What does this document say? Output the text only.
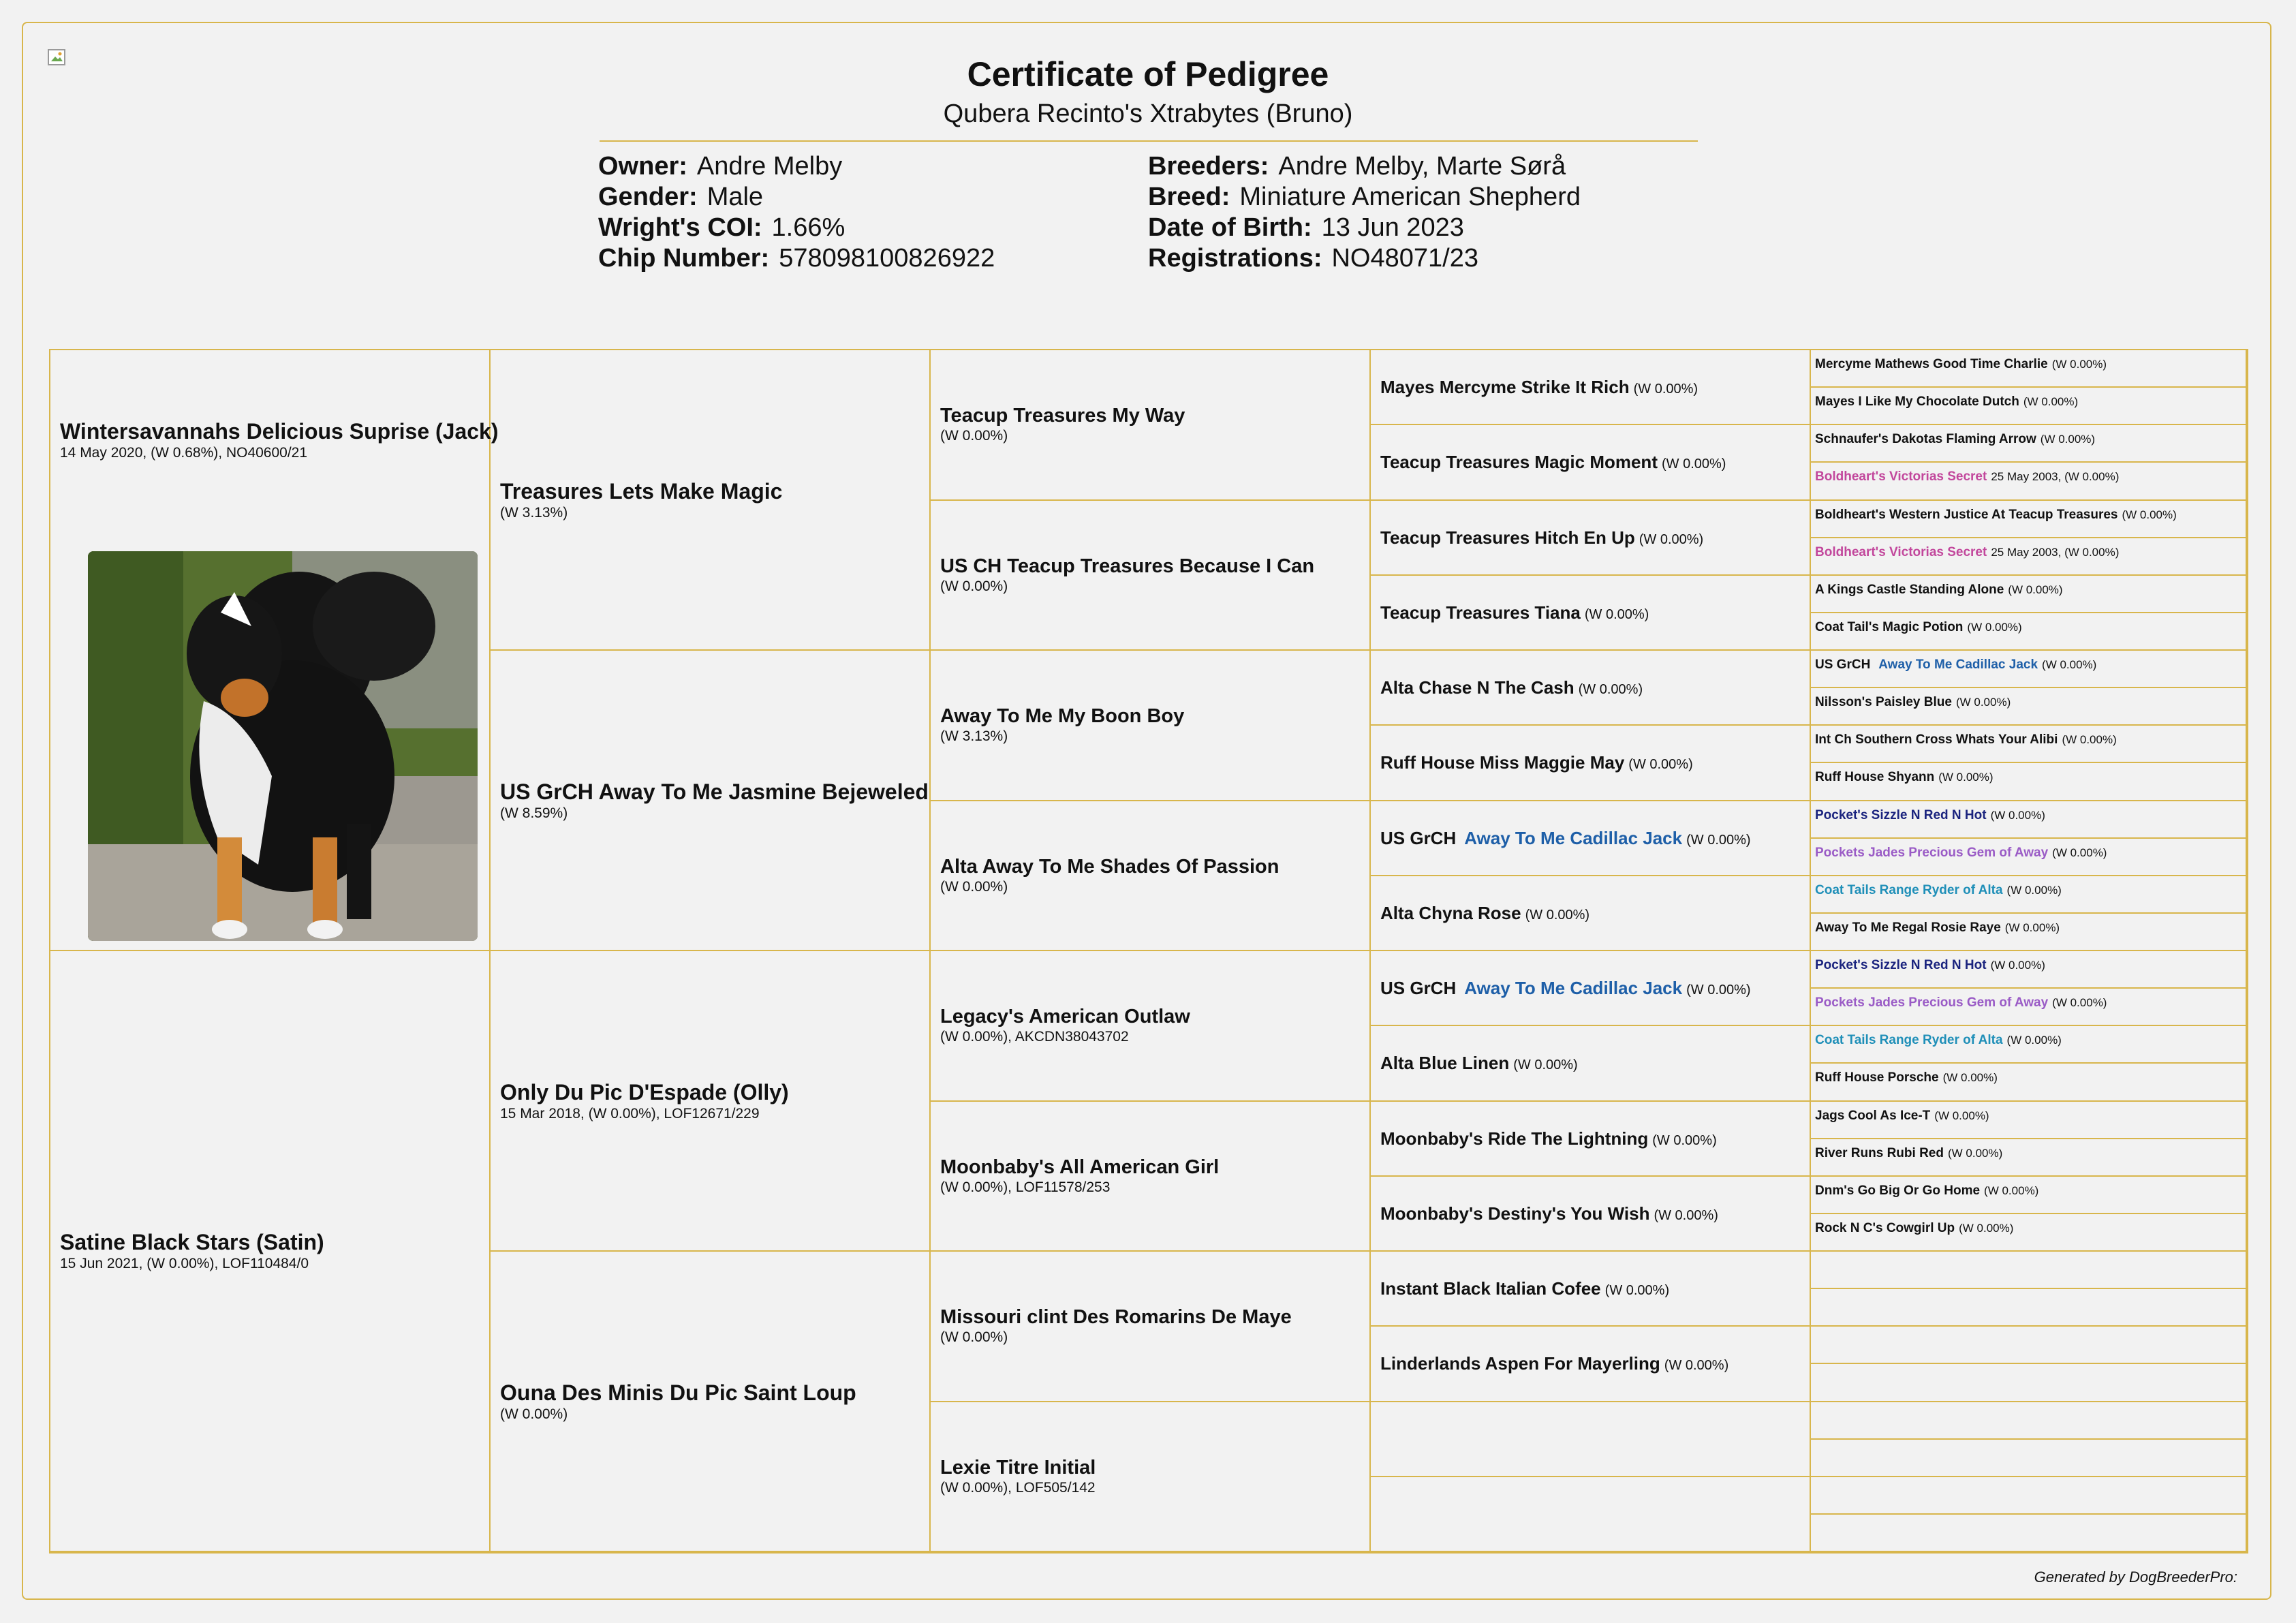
Certificate of Pedigree
Qubera Recinto's Xtrabytes (Bruno)
Owner: Andre Melby
Gender: Male
Wright's COI: 1.66%
Chip Number: 578098100826922
Breeders: Andre Melby, Marte Sørå
Breed: Miniature American Shepherd
Date of Birth: 13 Jun 2023
Registrations: NO48071/23
Wintersavannahs Delicious Suprise (Jack)
14 May 2020, (W 0.68%), NO40600/21
Satine Black Stars (Satin)
15 Jun 2021, (W 0.00%), LOF110484/0
Treasures Lets Make Magic
(W 3.13%)
US GrCH Away To Me Jasmine Bejeweled
(W 8.59%)
Only Du Pic D'Espade (Olly)
15 Mar 2018, (W 0.00%), LOF12671/229
Ouna Des Minis Du Pic Saint Loup
(W 0.00%)
Teacup Treasures My Way
(W 0.00%)
US CH Teacup Treasures Because I Can
(W 0.00%)
Away To Me My Boon Boy
(W 3.13%)
Alta Away To Me Shades Of Passion
(W 0.00%)
Legacy's American Outlaw
(W 0.00%), AKCDN38043702
Moonbaby's All American Girl
(W 0.00%), LOF11578/253
Missouri clint Des Romarins De Maye
(W 0.00%)
Lexie Titre Initial
(W 0.00%), LOF505/142
Mayes Mercyme Strike It Rich (W 0.00%)
Teacup Treasures Magic Moment (W 0.00%)
Teacup Treasures Hitch En Up (W 0.00%)
Teacup Treasures Tiana (W 0.00%)
Alta Chase N The Cash (W 0.00%)
Ruff House Miss Maggie May (W 0.00%)
US GrCH Away To Me Cadillac Jack (W 0.00%)
Alta Chyna Rose (W 0.00%)
US GrCH Away To Me Cadillac Jack (W 0.00%)
Alta Blue Linen (W 0.00%)
Moonbaby's Ride The Lightning (W 0.00%)
Moonbaby's Destiny's You Wish (W 0.00%)
Instant Black Italian Cofee (W 0.00%)
Linderlands Aspen For Mayerling (W 0.00%)
Mercyme Mathews Good Time Charlie (W 0.00%)
Mayes I Like My Chocolate Dutch (W 0.00%)
Schnaufer's Dakotas Flaming Arrow (W 0.00%)
Boldheart's Victorias Secret 25 May 2003, (W 0.00%)
Boldheart's Western Justice At Teacup Treasures (W 0.00%)
Boldheart's Victorias Secret 25 May 2003, (W 0.00%)
A Kings Castle Standing Alone (W 0.00%)
Coat Tail's Magic Potion (W 0.00%)
US GrCH Away To Me Cadillac Jack (W 0.00%)
Nilsson's Paisley Blue (W 0.00%)
Int Ch Southern Cross Whats Your Alibi (W 0.00%)
Ruff House Shyann (W 0.00%)
Pocket's Sizzle N Red N Hot (W 0.00%)
Pockets Jades Precious Gem of Away (W 0.00%)
Coat Tails Range Ryder of Alta (W 0.00%)
Away To Me Regal Rosie Raye (W 0.00%)
Pocket's Sizzle N Red N Hot (W 0.00%)
Pockets Jades Precious Gem of Away (W 0.00%)
Coat Tails Range Ryder of Alta (W 0.00%)
Ruff House Porsche (W 0.00%)
Jags Cool As Ice-T (W 0.00%)
River Runs Rubi Red (W 0.00%)
Dnm's Go Big Or Go Home (W 0.00%)
Rock N C's Cowgirl Up (W 0.00%)
Generated by DogBreederPro:
